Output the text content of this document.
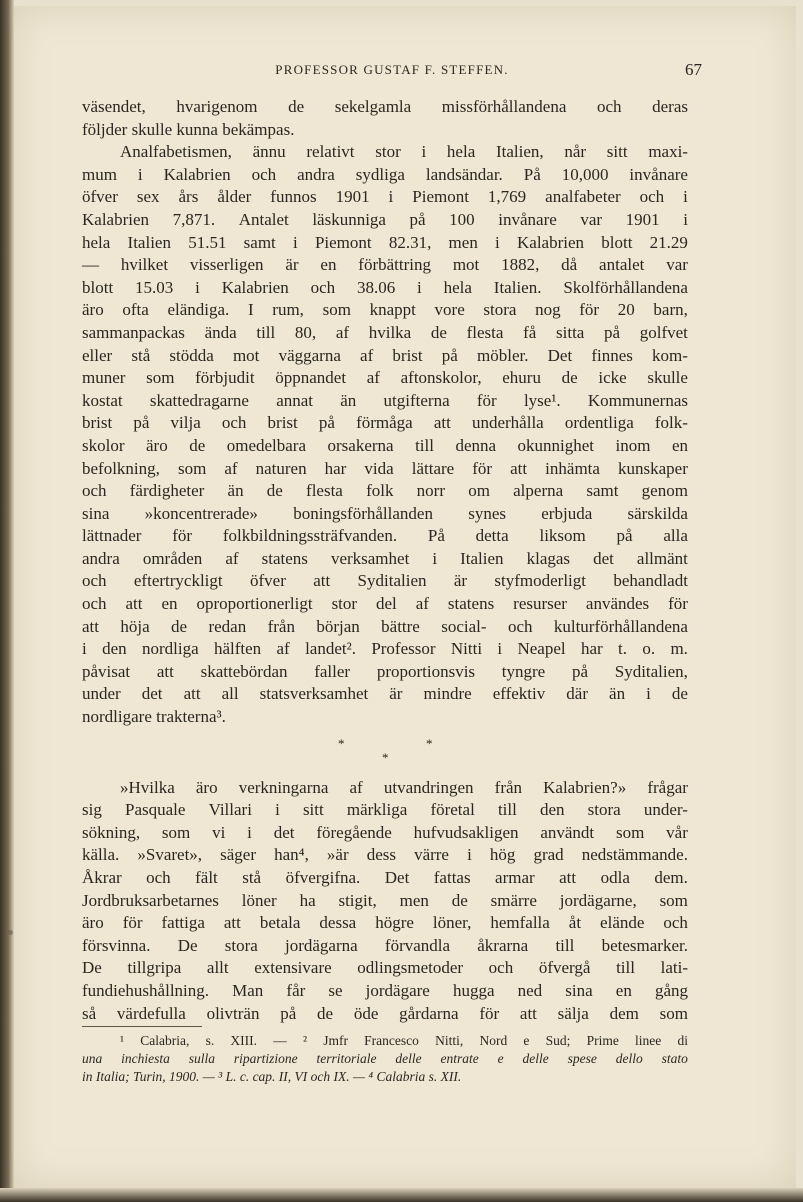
PROFESSOR GUSTAF F. STEFFEN.	67
väsendet, hvarigenom de sekelgamla missförhållandena och deras
följder skulle kunna bekämpas.
Analfabetismen, ännu relativt stor i hela Italien, når sitt maxi-
mum i Kalabrien och andra sydliga landsändar. På 10,000 invånare
öfver sex års ålder funnos 1901 i Piemont 1,769 analfabeter och i
Kalabrien 7,871. Antalet läskunniga på 100 invånare var 1901 i
hela Italien 51.51 samt i Piemont 82.31, men i Kalabrien blott 21.29
— hvilket visserligen är en förbättring mot 1882, då antalet var
blott 15.03 i Kalabrien och 38.06 i hela Italien. Skolförhållandena
äro ofta eländiga. I rum, som knappt vore stora nog för 20 barn,
sammanpackas ända till 80, af hvilka de flesta få sitta på golfvet
eller stå stödda mot väggarna af brist på möbler. Det finnes kom-
muner som förbjudit öppnandet af aftonskolor, ehuru de icke skulle
kostat skattedragarne annat än utgifterna för lyse¹. Kommunernas
brist på vilja och brist på förmåga att underhålla ordentliga folk-
skolor äro de omedelbara orsakerna till denna okunnighet inom en
befolkning, som af naturen har vida lättare för att inhämta kunskaper
och färdigheter än de flesta folk norr om alperna samt genom
sina »koncentrerade» boningsförhållanden synes erbjuda särskilda
lättnader för folkbildningssträfvanden. På detta liksom på alla
andra områden af statens verksamhet i Italien klagas det allmänt
och eftertryckligt öfver att Syditalien är styfmoderligt behandladt
och att en oproportionerligt stor del af statens resurser användes för
att höja de redan från början bättre social- och kulturförhållandena
i den nordliga hälften af landet². Professor Nitti i Neapel har t. o. m.
påvisat att skattebördan faller proportionsvis tyngre på Syditalien,
under det att all statsverksamhet är mindre effektiv där än i de
nordligare trakterna³.
*	*
*
»Hvilka äro verkningarna af utvandringen från Kalabrien?» frågar
sig Pasquale Villari i sitt märkliga företal till den stora under-
sökning, som vi i det föregående hufvudsakligen användt som vår
källa. »Svaret», säger han⁴, »är dess värre i hög grad nedstämmande.
Åkrar och fält stå öfvergifna. Det fattas armar att odla dem.
Jordbruksarbetarnes löner ha stigit, men de smärre jordägarne, som
äro för fattiga att betala dessa högre löner, hemfalla åt elände och
försvinna. De stora jordägarna förvandla åkrarna till betesmarker.
De tillgripa allt extensivare odlingsmetoder och öfvergå till lati-
fundiehushållning. Man får se jordägare hugga ned sina en gång
så värdefulla olivträn på de öde gårdarna för att sälja dem som
¹ Calabria, s. XIII. — ² Jmfr Francesco Nitti, Nord e Sud; Prime linee di
una inchiesta sulla ripartizione territoriale delle entrate e delle spese dello stato
in Italia; Turin, 1900. — ³ L. c. cap. II, VI och IX. — ⁴ Calabria s. XII.
